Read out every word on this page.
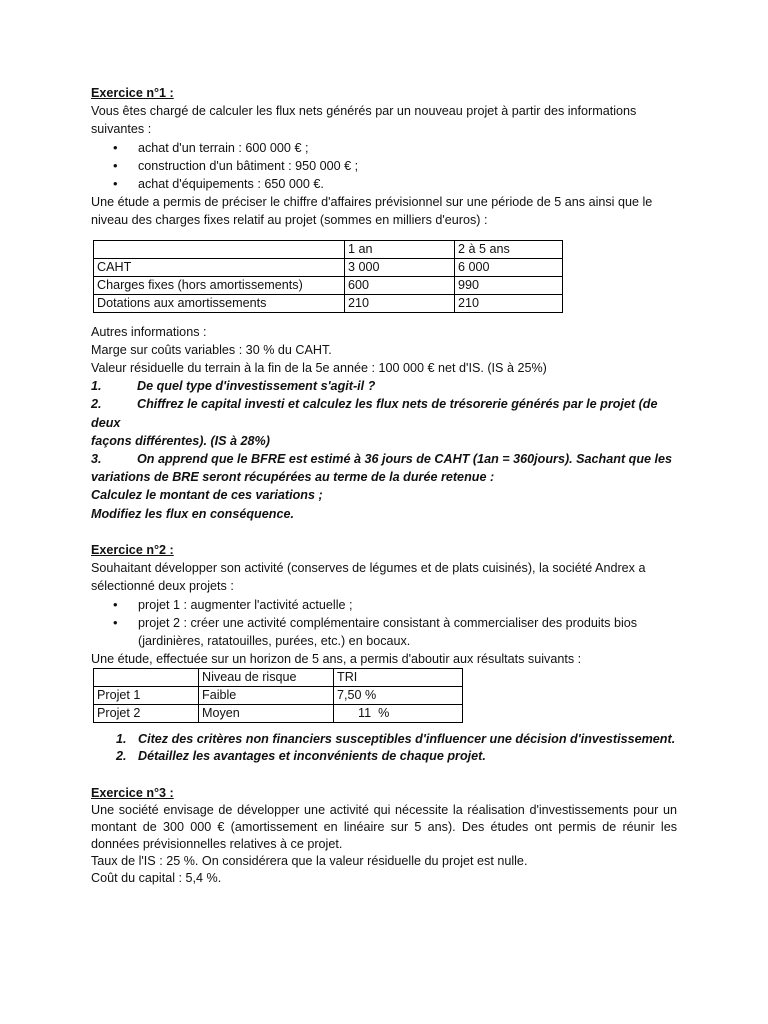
Exercice n°1 :
Vous êtes chargé de calculer les flux nets générés par un nouveau projet à partir des informations
suivantes :
• achat d'un terrain : 600 000 € ;
• construction d'un bâtiment : 950 000 € ;
• achat d'équipements : 650 000 €.
Une étude a permis de préciser le chiffre d'affaires prévisionnel sur une période de 5 ans ainsi que le
niveau des charges fixes relatif au projet (sommes en milliers d'euros) :
	1 an	2 à 5 ans
CAHT	3 000	6 000
Charges fixes (hors amortissements)	600	990
Dotations aux amortissements	210	210
Autres informations :
Marge sur coûts variables : 30 % du CAHT.
Valeur résiduelle du terrain à la fin de la 5e année : 100 000 € net d'IS. (IS à 25%)
1.	De quel type d'investissement s'agit-il ?
2.	Chiffrez le capital investi et calculez les flux nets de trésorerie générés par le projet (de deux
façons différentes). (IS à 28%)
3.	On apprend que le BFRE est estimé à 36 jours de CAHT (1an = 360jours). Sachant que les
variations de BRE seront récupérées au terme de la durée retenue :
Calculez le montant de ces variations ;
Modifiez les flux en conséquence.
Exercice n°2 :
Souhaitant développer son activité (conserves de légumes et de plats cuisinés), la société Andrex a
sélectionné deux projets :
• projet 1 : augmenter l'activité actuelle ;
• projet 2 : créer une activité complémentaire consistant à commercialiser des produits bios
(jardinières, ratatouilles, purées, etc.) en bocaux.
Une étude, effectuée sur un horizon de 5 ans, a permis d'aboutir aux résultats suivants :
	Niveau de risque	TRI
Projet 1	Faible	7,50 %
Projet 2	Moyen	11  %
1. Citez des critères non financiers susceptibles d'influencer une décision d'investissement.
2. Détaillez les avantages et inconvénients de chaque projet.
Exercice n°3 :
Une société envisage de développer une activité qui nécessite la réalisation d'investissements pour un
montant de 300 000 € (amortissement en linéaire sur 5 ans). Des études ont permis de réunir les
données prévisionnelles relatives à ce projet.
Taux de l'IS : 25 %. On considérera que la valeur résiduelle du projet est nulle.
Coût du capital : 5,4 %.
